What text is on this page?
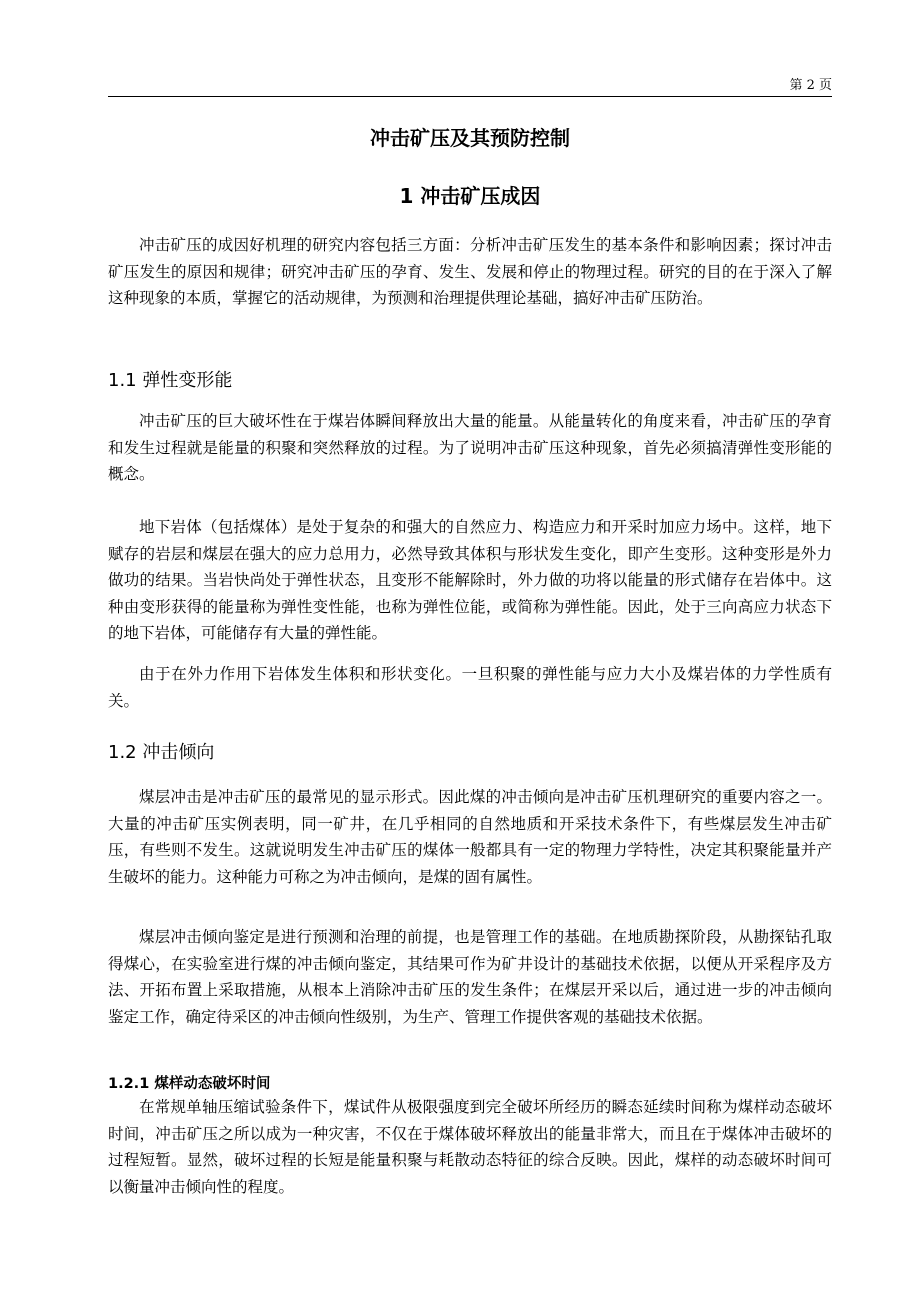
第 2 页
冲击矿压及其预防控制
1 冲击矿压成因

冲击矿压的成因好机理的研究内容包括三方面：分析冲击矿压发生的基本条件和影响因素；探讨冲击矿压发生的原因和规律；研究冲击矿压的孕育、发生、发展和停止的物理过程。研究的目的在于深入了解这种现象的本质，掌握它的活动规律，为预测和治理提供理论基础，搞好冲击矿压防治。

1.1 弹性变形能

冲击矿压的巨大破坏性在于煤岩体瞬间释放出大量的能量。从能量转化的角度来看，冲击矿压的孕育和发生过程就是能量的积聚和突然释放的过程。为了说明冲击矿压这种现象，首先必须搞清弹性变形能的概念。

地下岩体（包括煤体）是处于复杂的和强大的自然应力、构造应力和开采时加应力场中。这样，地下赋存的岩层和煤层在强大的应力总用力，必然导致其体积与形状发生变化，即产生变形。这种变形是外力做功的结果。当岩快尚处于弹性状态，且变形不能解除时，外力做的功将以能量的形式储存在岩体中。这种由变形获得的能量称为弹性变性能，也称为弹性位能，或简称为弹性能。因此，处于三向高应力状态下的地下岩体，可能储存有大量的弹性能。

由于在外力作用下岩体发生体积和形状变化。一旦积聚的弹性能与应力大小及煤岩体的力学性质有关。

1.2 冲击倾向

煤层冲击是冲击矿压的最常见的显示形式。因此煤的冲击倾向是冲击矿压机理研究的重要内容之一。大量的冲击矿压实例表明，同一矿井，在几乎相同的自然地质和开采技术条件下，有些煤层发生冲击矿压，有些则不发生。这就说明发生冲击矿压的煤体一般都具有一定的物理力学特性，决定其积聚能量并产生破坏的能力。这种能力可称之为冲击倾向，是煤的固有属性。

煤层冲击倾向鉴定是进行预测和治理的前提，也是管理工作的基础。在地质勘探阶段，从勘探钻孔取得煤心，在实验室进行煤的冲击倾向鉴定，其结果可作为矿井设计的基础技术依据，以便从开采程序及方法、开拓布置上采取措施，从根本上消除冲击矿压的发生条件；在煤层开采以后，通过进一步的冲击倾向鉴定工作，确定待采区的冲击倾向性级别，为生产、管理工作提供客观的基础技术依据。

1.2.1 煤样动态破坏时间

在常规单轴压缩试验条件下，煤试件从极限强度到完全破坏所经历的瞬态延续时间称为煤样动态破坏时间，冲击矿压之所以成为一种灾害，不仅在于煤体破坏释放出的能量非常大，而且在于煤体冲击破坏的过程短暂。显然，破坏过程的长短是能量积聚与耗散动态特征的综合反映。因此，煤样的动态破坏时间可以衡量冲击倾向性的程度。
